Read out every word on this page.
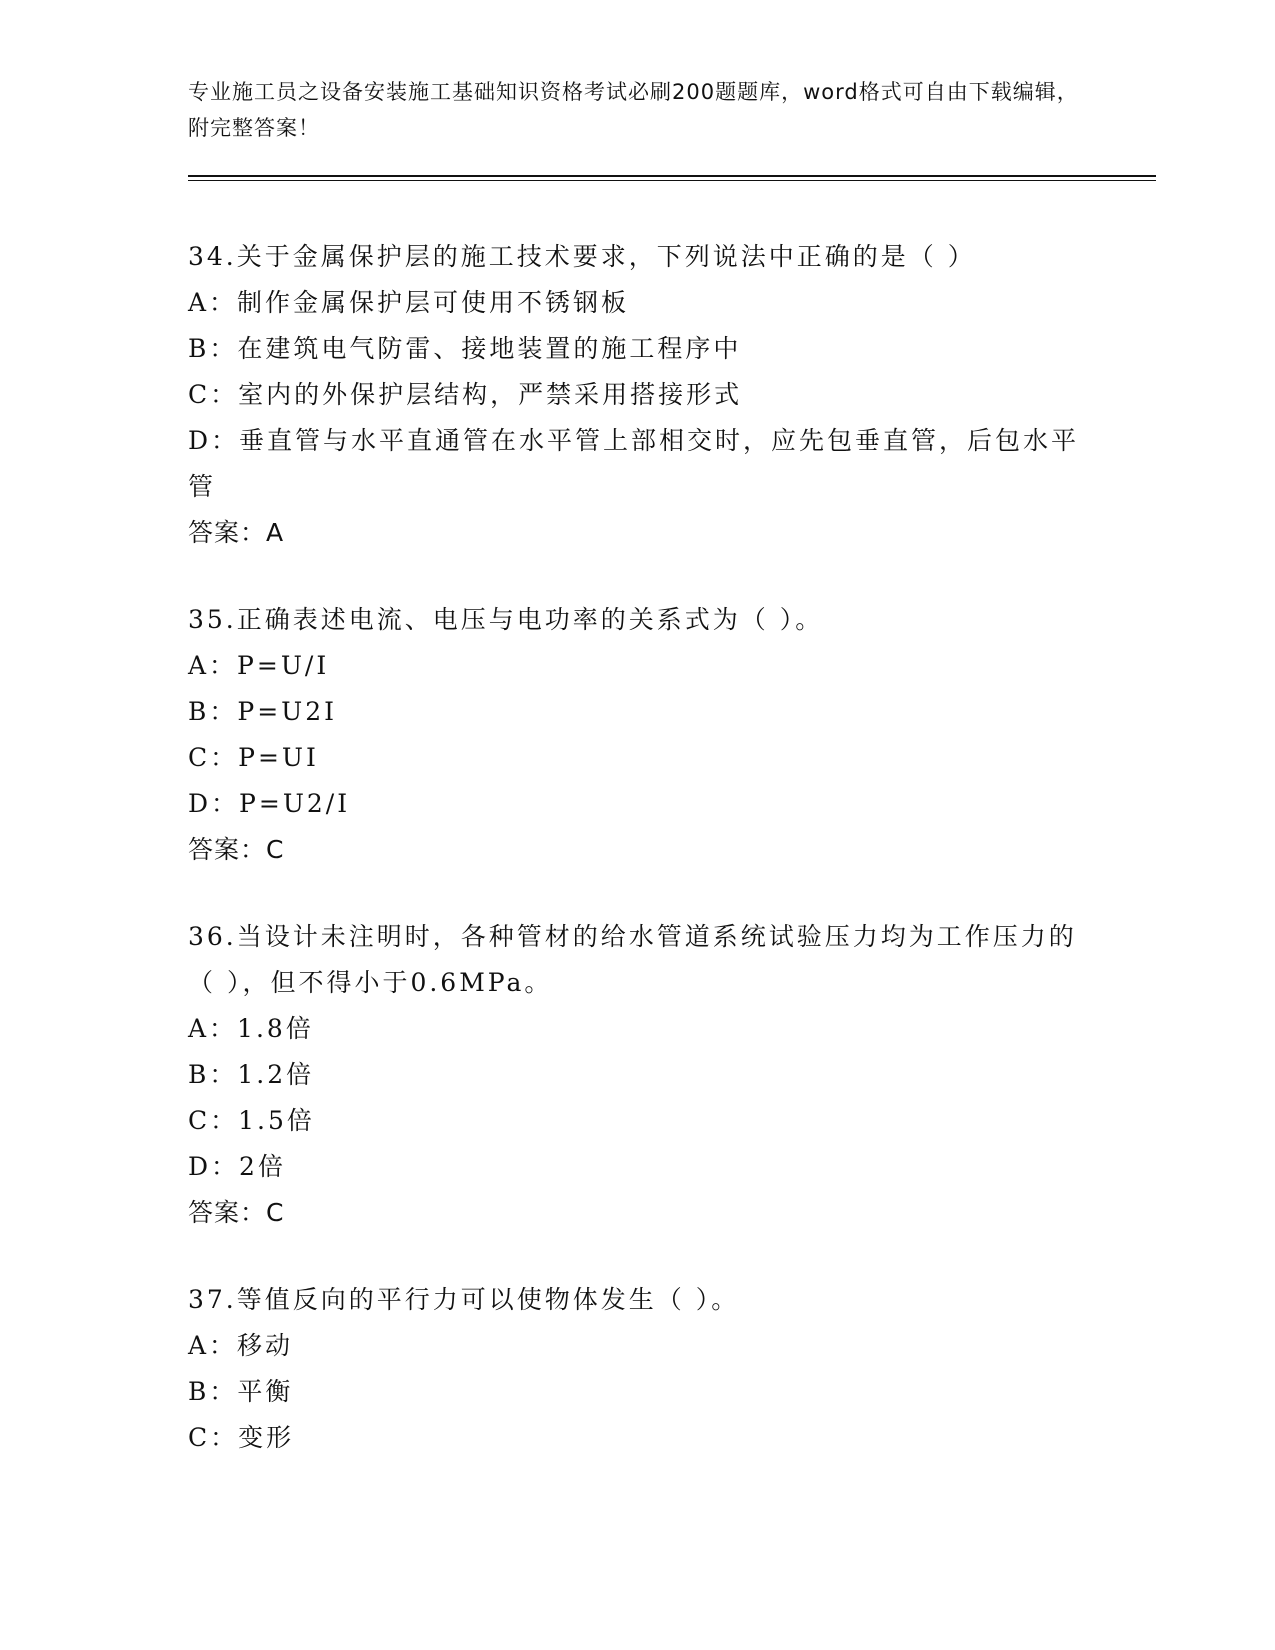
专业施工员之设备安装施工基础知识资格考试必刷200题题库，word格式可自由下载编辑，附完整答案！
34.关于金属保护层的施工技术要求，下列说法中正确的是（ ）
A：制作金属保护层可使用不锈钢板
B：在建筑电气防雷、接地装置的施工程序中
C：室内的外保护层结构，严禁采用搭接形式
D：垂直管与水平直通管在水平管上部相交时，应先包垂直管，后包水平管
答案：A
35.正确表述电流、电压与电功率的关系式为（ ）。
A：P=U/I
B：P=U2I
C：P=UI
D：P=U2/I
答案：C
36.当设计未注明时，各种管材的给水管道系统试验压力均为工作压力的（ ），但不得小于0.6MPa。
A：1.8倍
B：1.2倍
C：1.5倍
D：2倍
答案：C
37.等值反向的平行力可以使物体发生（ ）。
A：移动
B：平衡
C：变形
